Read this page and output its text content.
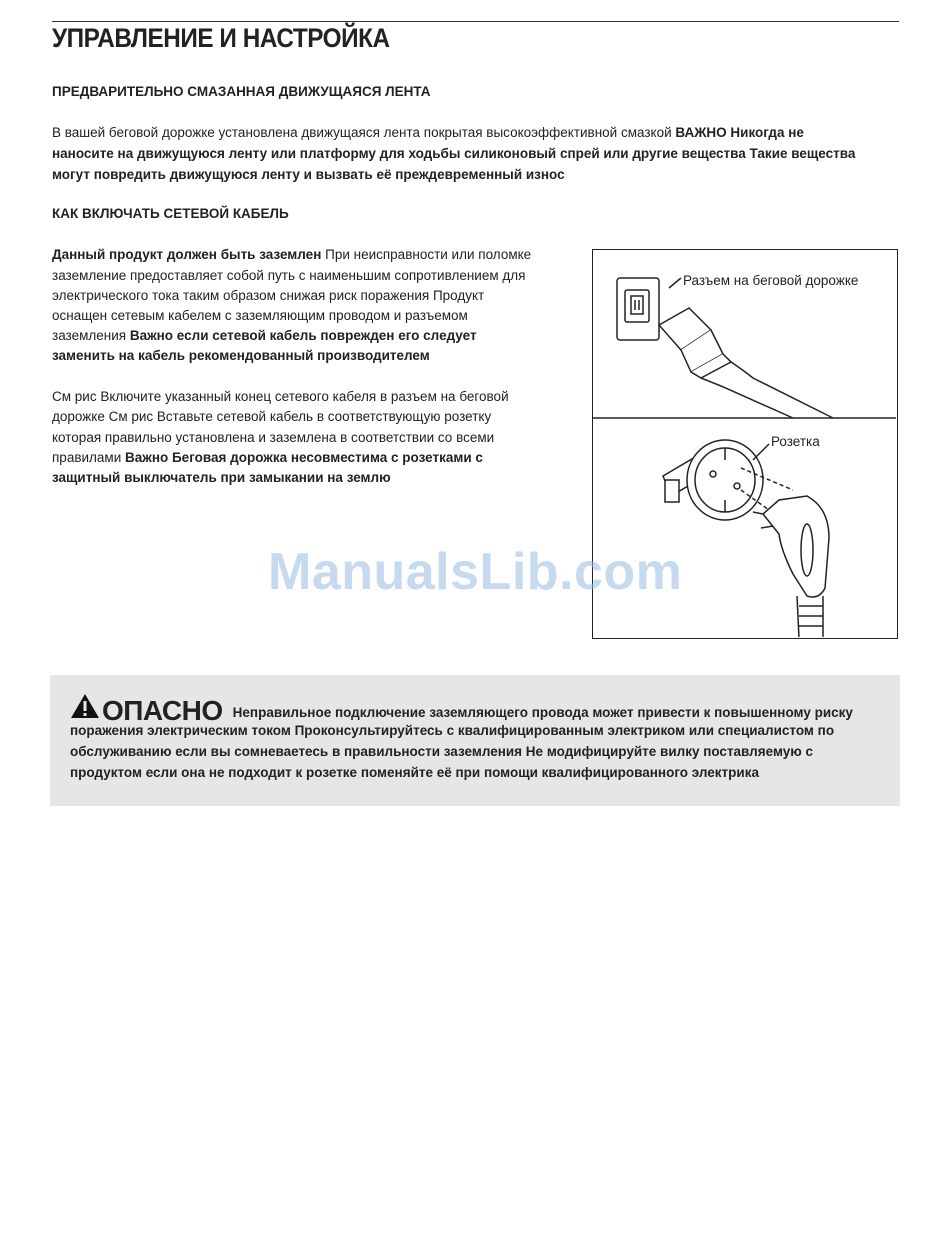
УПРАВЛЕНИЕ И НАСТРОЙКА
ПРЕДВАРИТЕЛЬНО СМАЗАННАЯ ДВИЖУЩАЯСЯ ЛЕНТА

В вашей беговой дорожке установлена движущаяся лента покрытая высокоэффективной смазкой ВАЖНО Никогда не

наносите на движущуюся ленту или платформу для ходьбы силиконовый спрей или другие вещества Такие вещества

могут повредить движущуюся ленту и вызвать её преждевременный износ

КАК ВКЛЮЧАТЬ СЕТЕВОЙ КАБЕЛЬ

Данный продукт должен быть заземлен При неисправности или поломке

заземление предоставляет собой путь с наименьшим сопротивлением для

электрического тока таким образом снижая риск поражения Продукт

оснащен сетевым кабелем с заземляющим проводом и разъемом

заземления Важно если сетевой кабель поврежден его следует

заменить на кабель рекомендованный производителем

См рис Включите указанный конец сетевого кабеля в разъем на беговой

дорожке См рис Вставьте сетевой кабель в соответствующую розетку

которая правильно установлена и заземлена в соответствии со всеми

правилами Важно Беговая дорожка несовместима с розетками с

защитный выключатель при замыкании на землю

Разъем на беговой дорожке
Розетка
ManualsLib.com

ОПАСНО Неправильное подключение заземляющего провода может привести к повышенному риску

поражения электрическим током Проконсультируйтесь с квалифицированным электриком или специалистом по

обслуживанию если вы сомневаетесь в правильности заземления Не модифицируйте вилку поставляемую с

продуктом если она не подходит к розетке поменяйте её при помощи квалифицированного электрика
